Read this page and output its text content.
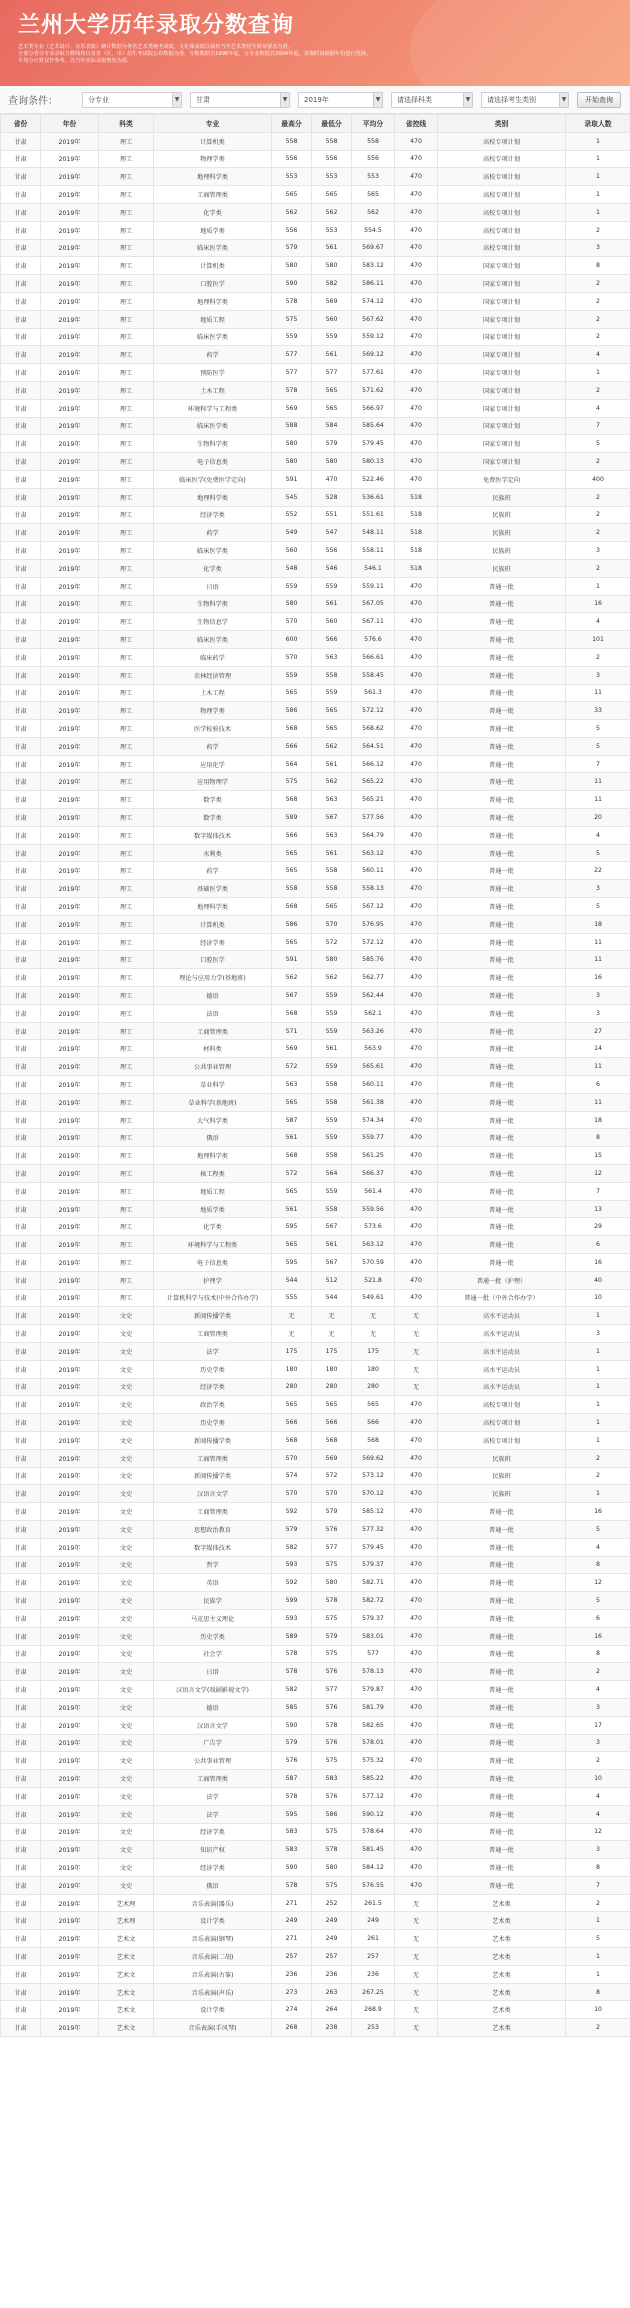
兰州大学历年录取分数查询

艺术类专业（艺术设计、音乐表演）统计数据为各省艺术类统考成绩，文化课成绩以我校当年艺术类招生简章要求为准。

全部分省分专业录取分数线均以各省（区、市）招生考试院公布数据为准，分数数据自1996年起，分专业数据自2004年起，查询时请根据年份进行选择。

平均分计算仅作参考，以当年实际录取情况为准。

查询条件：	分专业	▼ 甘肃	▼ 2019年	▼ 请选择科类	▼ 请选择考生类别	▼	开始查询
省份	年份	科类	专业	最高分	最低分	平均分	省控线	类别	录取人数
甘肃	2019年	理工	计算机类	558	558	558	470	高校专项计划	1
甘肃	2019年	理工	物理学类	556	556	556	470	高校专项计划	1
甘肃	2019年	理工	地理科学类	553	553	553	470	高校专项计划	1
甘肃	2019年	理工	工商管理类	565	565	565	470	高校专项计划	1
甘肃	2019年	理工	化学类	562	562	562	470	高校专项计划	1
甘肃	2019年	理工	地质学类	556	553	554.5	470	高校专项计划	2
甘肃	2019年	理工	临床医学类	579	561	569.67	470	高校专项计划	3
甘肃	2019年	理工	计算机类	580	580	583.12	470	国家专项计划	8
甘肃	2019年	理工	口腔医学	590	582	586.11	470	国家专项计划	2
甘肃	2019年	理工	地理科学类	578	569	574.12	470	国家专项计划	2
甘肃	2019年	理工	地质工程	575	560	567.62	470	国家专项计划	2
甘肃	2019年	理工	临床医学类	559	559	559.12	470	国家专项计划	2
甘肃	2019年	理工	药学	577	561	569.12	470	国家专项计划	4
甘肃	2019年	理工	预防医学	577	577	577.61	470	国家专项计划	1
甘肃	2019年	理工	土木工程	578	565	571.62	470	国家专项计划	2
甘肃	2019年	理工	环境科学与工程类	569	565	566.97	470	国家专项计划	4
甘肃	2019年	理工	临床医学类	588	584	585.64	470	国家专项计划	7
甘肃	2019年	理工	生物科学类	580	579	579.45	470	国家专项计划	5
甘肃	2019年	理工	电子信息类	580	580	580.13	470	国家专项计划	2
甘肃	2019年	理工	临床医学(免费医学定向)	591	470	522.46	470	免费医学定向	400
甘肃	2019年	理工	地理科学类	545	528	536.61	518	民族班	2
甘肃	2019年	理工	经济学类	552	551	551.61	518	民族班	2
甘肃	2019年	理工	药学	549	547	548.11	518	民族班	2
甘肃	2019年	理工	临床医学类	560	556	558.11	518	民族班	3
甘肃	2019年	理工	化学类	548	546	546.1	518	民族班	2
甘肃	2019年	理工	日语	559	559	559.11	470	普通一批	1
甘肃	2019年	理工	生物科学类	580	561	567.05	470	普通一批	16
甘肃	2019年	理工	生物信息学	570	560	567.11	470	普通一批	4
甘肃	2019年	理工	临床医学类	600	566	576.6	470	普通一批	101
甘肃	2019年	理工	临床药学	570	563	566.61	470	普通一批	2
甘肃	2019年	理工	农林经济管理	559	558	558.45	470	普通一批	3
甘肃	2019年	理工	土木工程	565	559	561.3	470	普通一批	11
甘肃	2019年	理工	物理学类	586	565	572.12	470	普通一批	33
甘肃	2019年	理工	医学检验技术	568	565	568.62	470	普通一批	5
甘肃	2019年	理工	药学	566	562	564.51	470	普通一批	5
甘肃	2019年	理工	应用化学	564	561	566.12	470	普通一批	7
甘肃	2019年	理工	应用物理学	575	562	565.22	470	普通一批	11
甘肃	2019年	理工	数学类	568	563	565.21	470	普通一批	11
甘肃	2019年	理工	数学类	589	567	577.56	470	普通一批	20
甘肃	2019年	理工	数字媒体技术	566	563	564.79	470	普通一批	4
甘肃	2019年	理工	水利类	565	561	563.12	470	普通一批	5
甘肃	2019年	理工	药学	565	558	560.11	470	普通一批	22
甘肃	2019年	理工	基础医学类	558	558	558.13	470	普通一批	3
甘肃	2019年	理工	地理科学类	568	565	567.12	470	普通一批	5
甘肃	2019年	理工	计算机类	586	570	576.95	470	普通一批	18
甘肃	2019年	理工	经济学类	565	572	572.12	470	普通一批	11
甘肃	2019年	理工	口腔医学	591	580	585.76	470	普通一批	11
甘肃	2019年	理工	理论与应用力学(基地班)	562	562	562.77	470	普通一批	16
甘肃	2019年	理工	德语	567	559	562.44	470	普通一批	3
甘肃	2019年	理工	法语	568	559	562.1	470	普通一批	3
甘肃	2019年	理工	工商管理类	571	559	563.26	470	普通一批	27
甘肃	2019年	理工	材料类	569	561	563.9	470	普通一批	14
甘肃	2019年	理工	公共事业管理	572	559	565.61	470	普通一批	11
甘肃	2019年	理工	草业科学	563	558	560.11	470	普通一批	6
甘肃	2019年	理工	草业科学(基地班)	565	558	561.38	470	普通一批	11
甘肃	2019年	理工	大气科学类	587	559	574.34	470	普通一批	18
甘肃	2019年	理工	俄语	561	559	559.77	470	普通一批	8
甘肃	2019年	理工	地理科学类	568	558	561.25	470	普通一批	15
甘肃	2019年	理工	核工程类	572	564	566.37	470	普通一批	12
甘肃	2019年	理工	地质工程	565	559	561.4	470	普通一批	7
甘肃	2019年	理工	地质学类	561	558	559.56	470	普通一批	13
甘肃	2019年	理工	化学类	595	567	573.6	470	普通一批	29
甘肃	2019年	理工	环境科学与工程类	565	561	563.12	470	普通一批	6
甘肃	2019年	理工	电子信息类	595	567	570.59	470	普通一批	16
甘肃	2019年	理工	护理学	544	512	521.8	470	普通一批（护理）	40
甘肃	2019年	理工	计算机科学与技术(中外合作办学)	555	544	549.61	470	普通一批（中外合作办学）	10
甘肃	2019年	文史	新闻传播学类	无	无	无	无	高水平运动员	1
甘肃	2019年	文史	工商管理类	无	无	无	无	高水平运动员	3
甘肃	2019年	文史	法学	175	175	175	无	高水平运动员	1
甘肃	2019年	文史	历史学类	180	180	180	无	高水平运动员	1
甘肃	2019年	文史	经济学类	280	280	280	无	高水平运动员	1
甘肃	2019年	文史	政治学类	565	565	565	470	高校专项计划	1
甘肃	2019年	文史	历史学类	566	566	566	470	高校专项计划	1
甘肃	2019年	文史	新闻传播学类	568	568	568	470	高校专项计划	1
甘肃	2019年	文史	工商管理类	570	569	569.62	470	民族班	2
甘肃	2019年	文史	新闻传播学类	574	572	573.12	470	民族班	2
甘肃	2019年	文史	汉语言文学	570	570	570.12	470	民族班	1
甘肃	2019年	文史	工商管理类	592	579	585.12	470	普通一批	16
甘肃	2019年	文史	思想政治教育	579	576	577.32	470	普通一批	5
甘肃	2019年	文史	数字媒体技术	582	577	579.45	470	普通一批	4
甘肃	2019年	文史	哲学	593	575	579.37	470	普通一批	8
甘肃	2019年	文史	英语	592	580	582.71	470	普通一批	12
甘肃	2019年	文史	民族学	599	578	582.72	470	普通一批	5
甘肃	2019年	文史	马克思主义理论	593	575	579.37	470	普通一批	6
甘肃	2019年	文史	历史学类	589	579	583.01	470	普通一批	16
甘肃	2019年	文史	社会学	578	575	577	470	普通一批	8
甘肃	2019年	文史	日语	578	576	578.13	470	普通一批	2
甘肃	2019年	文史	汉语言文学(戏剧影视文学)	582	577	579.87	470	普通一批	4
甘肃	2019年	文史	德语	585	576	581.79	470	普通一批	3
甘肃	2019年	文史	汉语言文学	590	578	582.65	470	普通一批	17
甘肃	2019年	文史	广告学	579	576	578.01	470	普通一批	3
甘肃	2019年	文史	公共事业管理	576	575	575.32	470	普通一批	2
甘肃	2019年	文史	工商管理类	587	583	585.22	470	普通一批	10
甘肃	2019年	文史	法学	578	576	577.12	470	普通一批	4
甘肃	2019年	文史	法学	595	586	590.12	470	普通一批	4
甘肃	2019年	文史	经济学类	583	575	578.64	470	普通一批	12
甘肃	2019年	文史	知识产权	583	578	581.45	470	普通一批	3
甘肃	2019年	文史	经济学类	590	580	584.12	470	普通一批	8
甘肃	2019年	文史	俄语	578	575	576.55	470	普通一批	7
甘肃	2019年	艺术理	音乐表演(器乐)	271	252	261.5	无	艺术类	2
甘肃	2019年	艺术理	设计学类	249	249	249	无	艺术类	1
甘肃	2019年	艺术文	音乐表演(钢琴)	271	249	261	无	艺术类	5
甘肃	2019年	艺术文	音乐表演(二胡)	257	257	257	无	艺术类	1
甘肃	2019年	艺术文	音乐表演(古筝)	236	236	236	无	艺术类	1
甘肃	2019年	艺术文	音乐表演(声乐)	273	263	267.25	无	艺术类	8
甘肃	2019年	艺术文	设计学类	274	264	268.9	无	艺术类	10
甘肃	2019年	艺术文	音乐表演(手风琴)	268	238	253	无	艺术类	2
